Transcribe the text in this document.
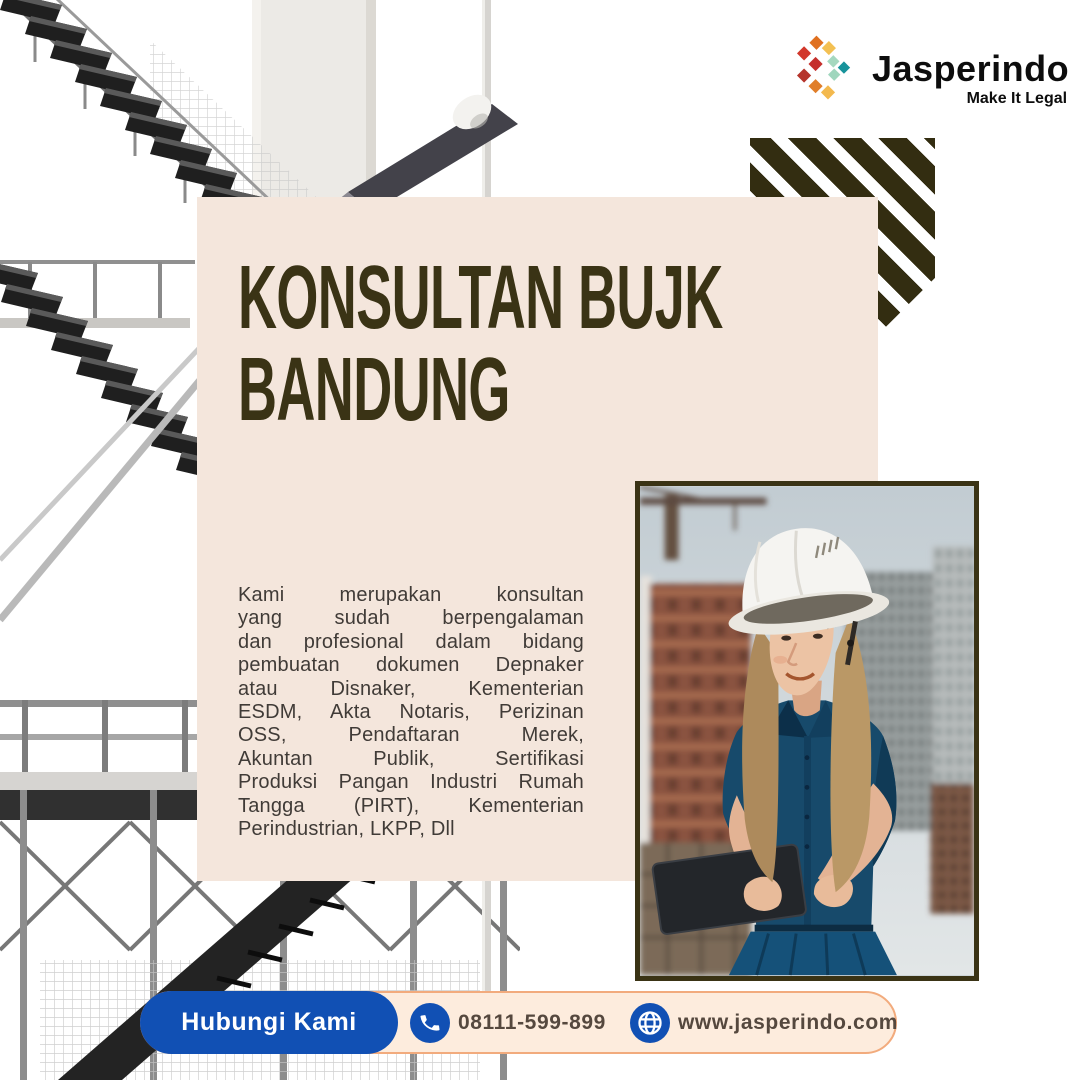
KONSULTAN BUJK
BANDUNG
Kami merupakan konsultan
yang sudah berpengalaman
dan profesional dalam bidang
pembuatan dokumen Depnaker
atau Disnaker, Kementerian
ESDM, Akta Notaris, Perizinan
OSS, Pendaftaran Merek,
Akuntan Publik, Sertifikasi
Produksi Pangan Industri Rumah
Tangga (PIRT), Kementerian
Perindustrian, LKPP, Dll
Jasperindo
Make It Legal
Hubungi Kami	08111-599-899	www.jasperindo.com
